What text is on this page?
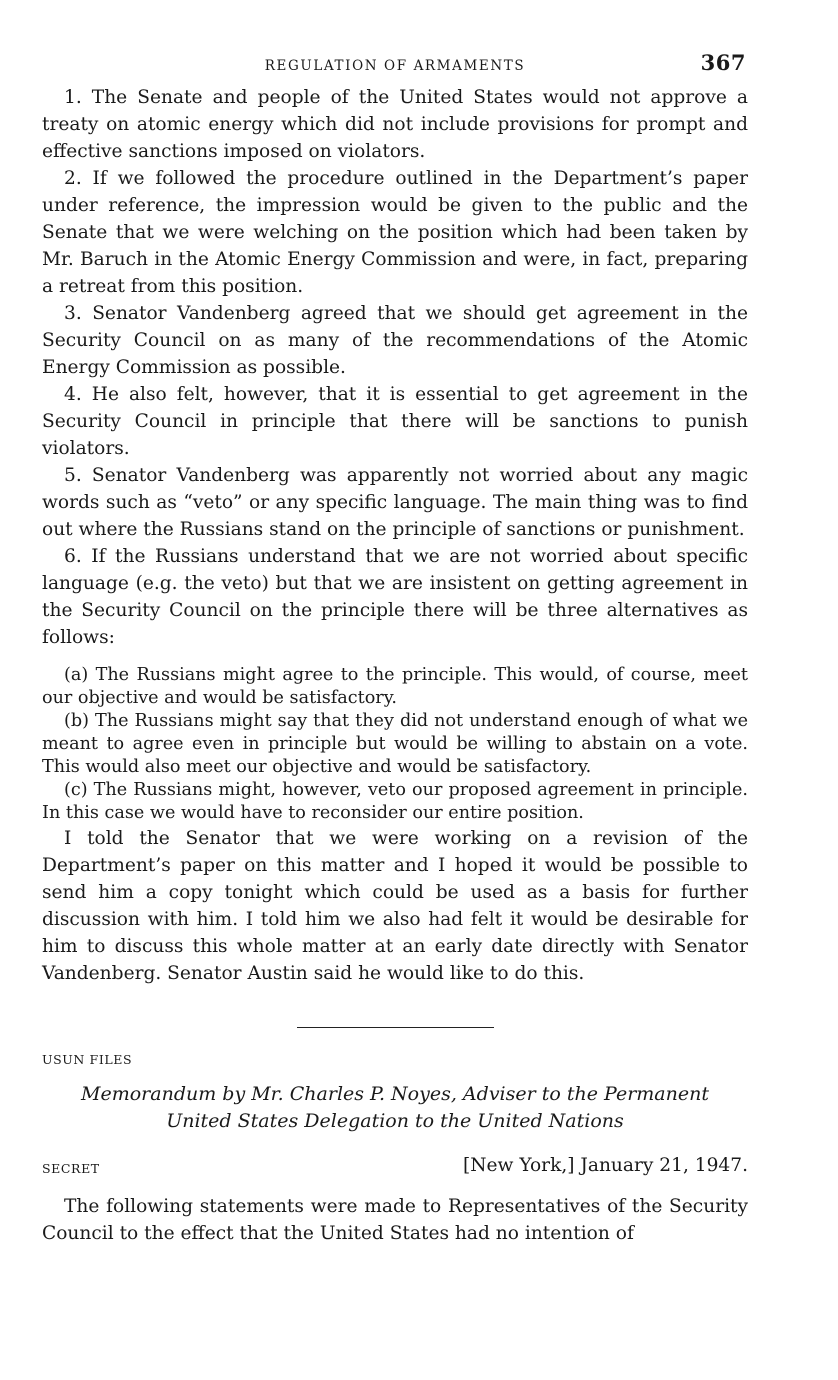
REGULATION OF ARMAMENTS	367

1. The Senate and people of the United States would not approve a treaty on atomic energy which did not include provisions for prompt and effective sanctions imposed on violators.

2. If we followed the procedure outlined in the Department’s paper under reference, the impression would be given to the public and the Senate that we were welching on the position which had been taken by Mr. Baruch in the Atomic Energy Commission and were, in fact, preparing a retreat from this position.

3. Senator Vandenberg agreed that we should get agreement in the Security Council on as many of the recommendations of the Atomic Energy Commission as possible.

4. He also felt, however, that it is essential to get agreement in the Security Council in principle that there will be sanctions to punish violators.

5. Senator Vandenberg was apparently not worried about any magic words such as “veto” or any specific language. The main thing was to find out where the Russians stand on the principle of sanctions or punishment.

6. If the Russians understand that we are not worried about specific language (e.g. the veto) but that we are insistent on getting agreement in the Security Council on the principle there will be three alternatives as follows:

(a) The Russians might agree to the principle. This would, of course, meet our objective and would be satisfactory.

(b) The Russians might say that they did not understand enough of what we meant to agree even in principle but would be willing to abstain on a vote. This would also meet our objective and would be satisfactory.

(c) The Russians might, however, veto our proposed agreement in principle. In this case we would have to reconsider our entire position.

I told the Senator that we were working on a revision of the Department’s paper on this matter and I hoped it would be possible to send him a copy tonight which could be used as a basis for further discussion with him. I told him we also had felt it would be desirable for him to discuss this whole matter at an early date directly with Senator Vandenberg. Senator Austin said he would like to do this.

USUN FILES
Memorandum by Mr. Charles P. Noyes, Adviser to the Permanent
United States Delegation to the United Nations
SECRET	[New York,] January 21, 1947.

The following statements were made to Representatives of the Security Council to the effect that the United States had no intention of
